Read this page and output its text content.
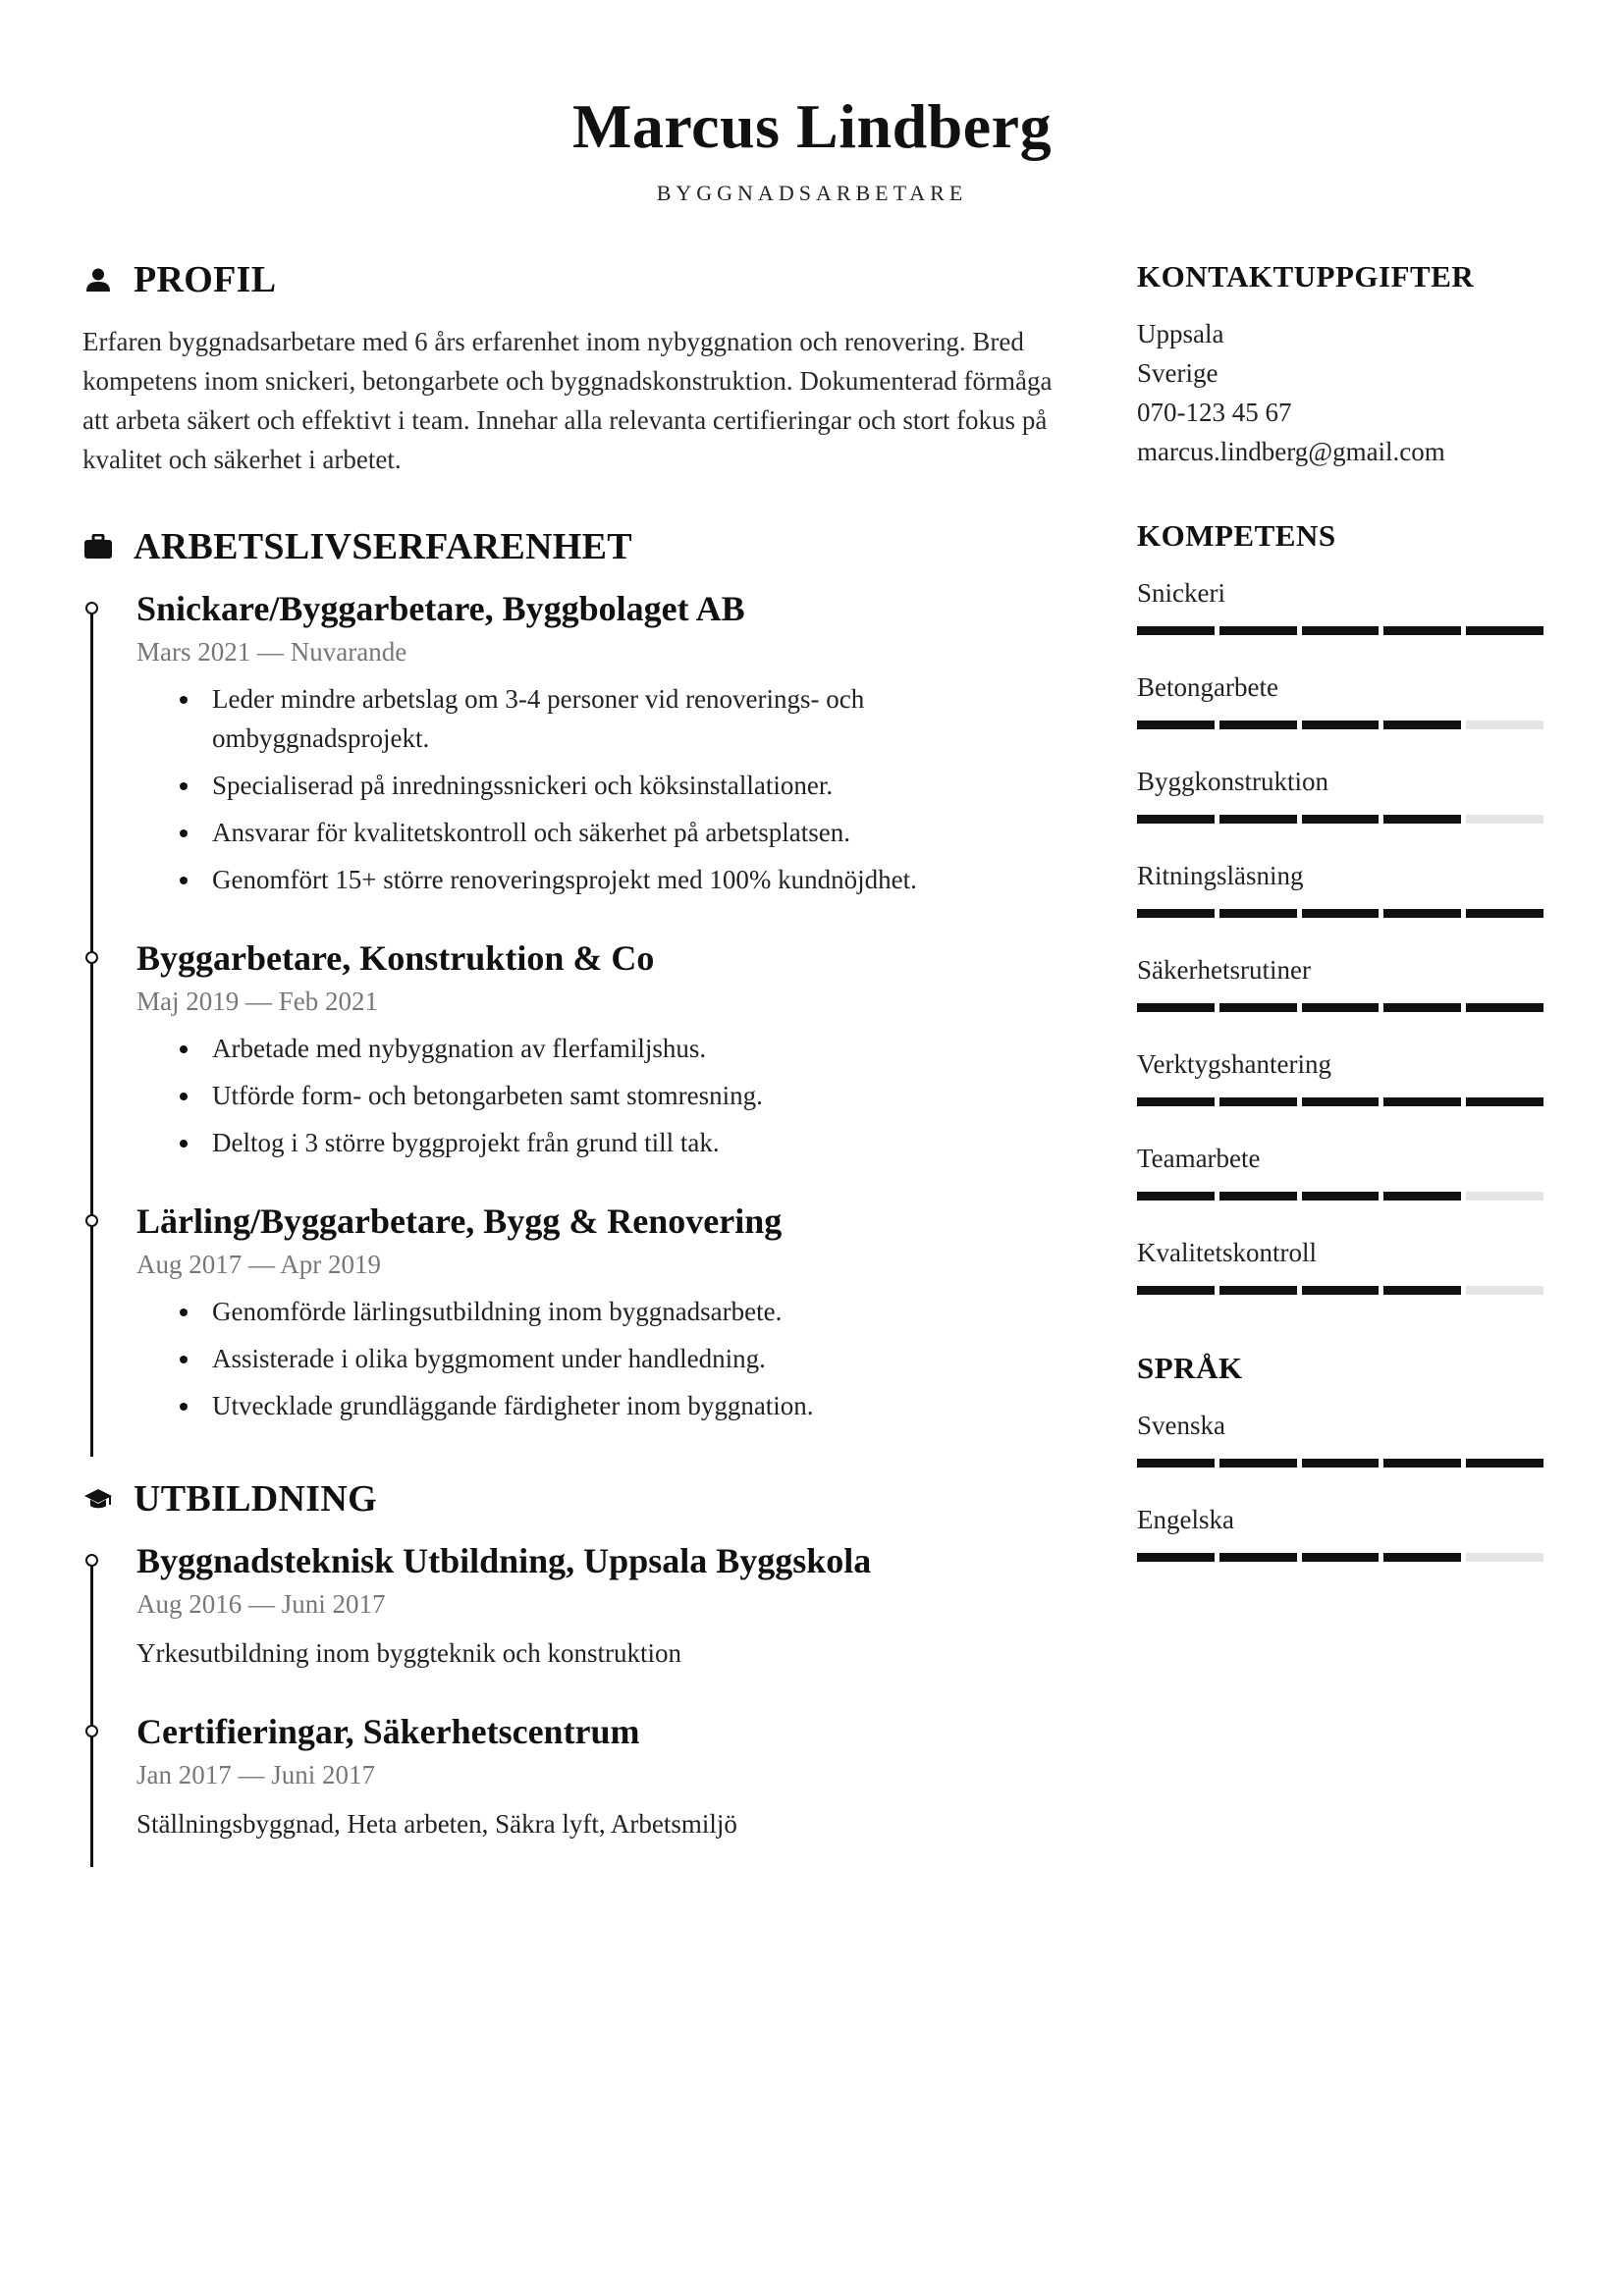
Marcus Lindberg
BYGGNADSARBETARE
PROFIL
Erfaren byggnadsarbetare med 6 års erfarenhet inom nybyggnation och renovering. Bred kompetens inom snickeri, betongarbete och byggnadskonstruktion. Dokumenterad förmåga att arbeta säkert och effektivt i team. Innehar alla relevanta certifieringar och stort fokus på kvalitet och säkerhet i arbetet.
ARBETSLIVSERFARENHET
Snickare/Byggarbetare, Byggbolaget AB
Mars 2021 — Nuvarande
Leder mindre arbetslag om 3-4 personer vid renoverings- och ombyggnadsprojekt.
Specialiserad på inredningssnickeri och köksinstallationer.
Ansvarar för kvalitetskontroll och säkerhet på arbetsplatsen.
Genomfört 15+ större renoveringsprojekt med 100% kundnöjdhet.
Byggarbetare, Konstruktion & Co
Maj 2019 — Feb 2021
Arbetade med nybyggnation av flerfamiljshus.
Utförde form- och betongarbeten samt stomresning.
Deltog i 3 större byggprojekt från grund till tak.
Lärling/Byggarbetare, Bygg & Renovering
Aug 2017 — Apr 2019
Genomförde lärlingsutbildning inom byggnadsarbete.
Assisterade i olika byggmoment under handledning.
Utvecklade grundläggande färdigheter inom byggnation.
UTBILDNING
Byggnadsteknisk Utbildning, Uppsala Byggskola
Aug 2016 — Juni 2017
Yrkesutbildning inom byggteknik och konstruktion
Certifieringar, Säkerhetscentrum
Jan 2017 — Juni 2017
Ställningsbyggnad, Heta arbeten, Säkra lyft, Arbetsmiljö
KONTAKTUPPGIFTER
Uppsala
Sverige
070-123 45 67
marcus.lindberg@gmail.com
KOMPETENS
Snickeri
Betongarbete
Byggkonstruktion
Ritningsläsning
Säkerhetsrutiner
Verktygshantering
Teamarbete
Kvalitetskontroll
SPRÅK
Svenska
Engelska
